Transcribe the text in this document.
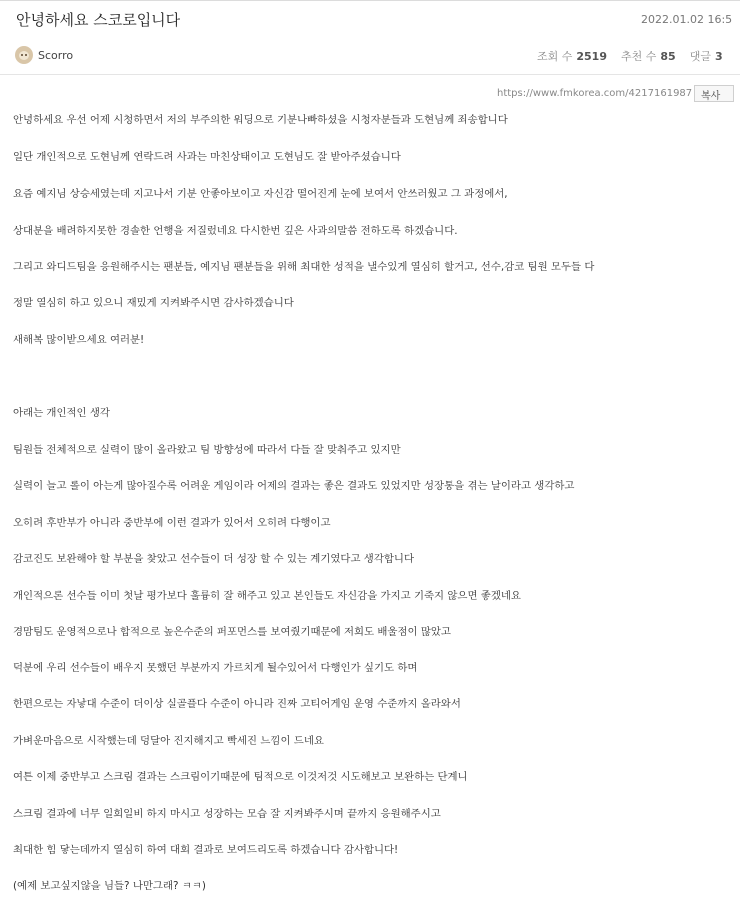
안녕하세요 스코로입니다	2022.01.02 16:5
Scorro	조회 수 2519 추천 수 85 댓글 3
https://www.fmkorea.com/4217161987 복사
안녕하세요 우선 어제 시청하면서 저의 부주의한 워딩으로 기분나빠하셨을 시청자분들과 도현님께 죄송합니다
일단 개인적으로 도현님께 연락드려 사과는 마친상태이고 도현님도 잘 받아주셨습니다
요즘 예지님 상승세였는데 지고나서 기분 안좋아보이고 자신감 떨어진게 눈에 보여서 안쓰러웠고 그 과정에서,
상대분을 배려하지못한 경솔한 언행을 저질렀네요 다시한번 깊은 사과의말씀 전하도록 하겠습니다.
그리고 와디드팀을 응원해주시는 팬분들, 예지님 팬분들을 위해 최대한 성적을 낼수있게 열심히 할거고, 선수,감코 팀원 모두들 다
정말 열심히 하고 있으니 재밌게 지켜봐주시면 감사하겠습니다
새해복 많이받으세요 여러분!
아래는 개인적인 생각
팀원들 전체적으로 실력이 많이 올라왔고 팀 방향성에 따라서 다들 잘 맞춰주고 있지만
실력이 늘고 롤이 아는게 많아질수록 어려운 게임이라 어제의 결과는 좋은 결과도 있었지만 성장통을 겪는 날이라고 생각하고
오히려 후반부가 아니라 중반부에 이런 결과가 있어서 오히려 다행이고
감코진도 보완해야 할 부분을 찾았고 선수들이 더 성장 할 수 있는 계기였다고 생각합니다
개인적으론 선수들 이미 첫날 평가보다 훌륭히 잘 해주고 있고 본인들도 자신감을 가지고 기죽지 않으면 좋겠네요
경맘팀도 운영적으로나 합적으로 높은수준의 퍼포먼스를 보여줬기때문에 저희도 배울점이 많았고
덕분에 우리 선수들이 배우지 못했던 부분까지 가르치게 될수있어서 다행인가 싶기도 하며
한편으로는 자낳대 수준이 더이상 실골플다 수준이 아니라 진짜 고티어게임 운영 수준까지 올라와서
가벼운마음으로 시작했는데 덩달아 진지해지고 빡세진 느낌이 드네요
여튼 이제 중반부고 스크림 결과는 스크림이기때문에 팀적으로 이것저것 시도해보고 보완하는 단계니
스크림 결과에 너무 일희일비 하지 마시고 성장하는 모습 잘 지켜봐주시며 끝까지 응원해주시고
최대한 힘 닿는데까지 열심히 하여 대회 결과로 보여드리도록 하겠습니다 감사합니다!
(예제 보고싶지않을 님들? 나만그래? ㅋㅋ)
